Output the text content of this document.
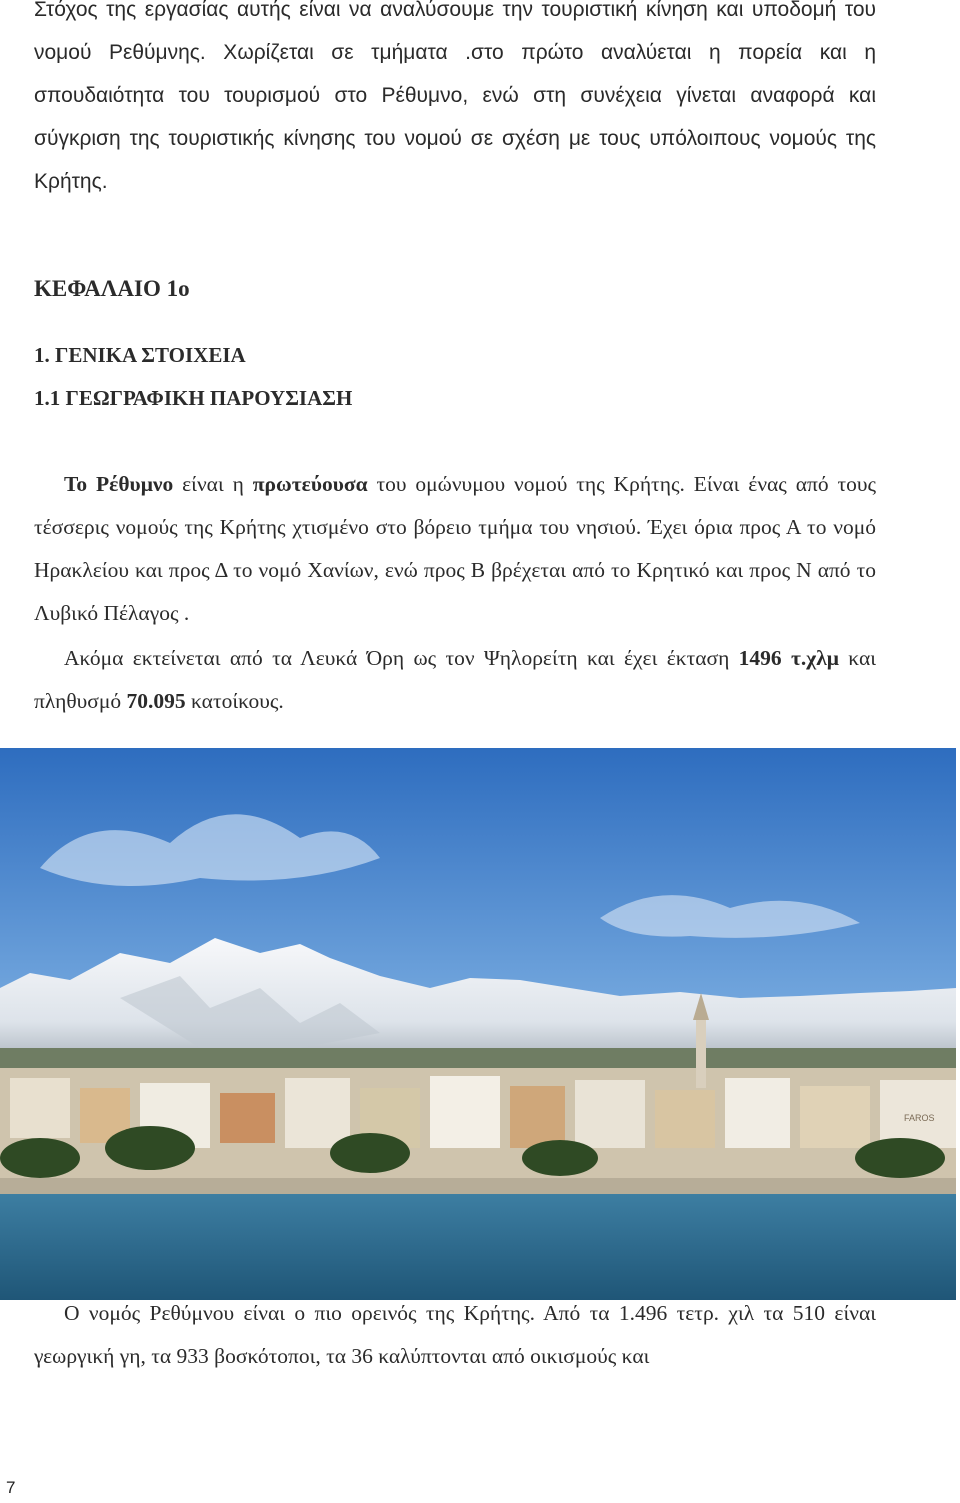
Στόχος της εργασίας αυτής είναι να αναλύσουμε την τουριστική κίνηση και υποδομή του νομού Ρεθύμνης. Χωρίζεται σε τμήματα .στο πρώτο αναλύεται η πορεία και η σπουδαιότητα του τουρισμού στο Ρέθυμνο, ενώ στη συνέχεια γίνεται αναφορά και σύγκριση της τουριστικής κίνησης του νομού σε σχέση με τους υπόλοιπους νομούς της Κρήτης.

ΚΕΦΑΛΑΙΟ 1ο

1. ΓΕΝΙΚΑ ΣΤΟΙΧΕΙΑ

1.1 ΓΕΩΓΡΑΦΙΚΗ ΠΑΡΟΥΣΙΑΣΗ

Το Ρέθυμνο είναι η πρωτεύουσα του ομώνυμου νομού της Κρήτης. Είναι ένας από τους τέσσερις νομούς της Κρήτης χτισμένο στο βόρειο τμήμα του νησιού. Έχει όρια προς Α το νομό Ηρακλείου και προς Δ το νομό Χανίων, ενώ προς Β βρέχεται από το Κρητικό και προς Ν από το Λυβικό Πέλαγος .

Ακόμα εκτείνεται από τα Λευκά Όρη ως τον Ψηλορείτη και έχει έκταση 1496 τ.χλμ και πληθυσμό 70.095 κατοίκους.

FAROS

Ο νομός Ρεθύμνου είναι ο πιο ορεινός της Κρήτης. Από τα 1.496 τετρ. χιλ τα 510 είναι γεωργική γη, τα 933 βοσκότοποι, τα 36 καλύπτονται από οικισμούς και

7
